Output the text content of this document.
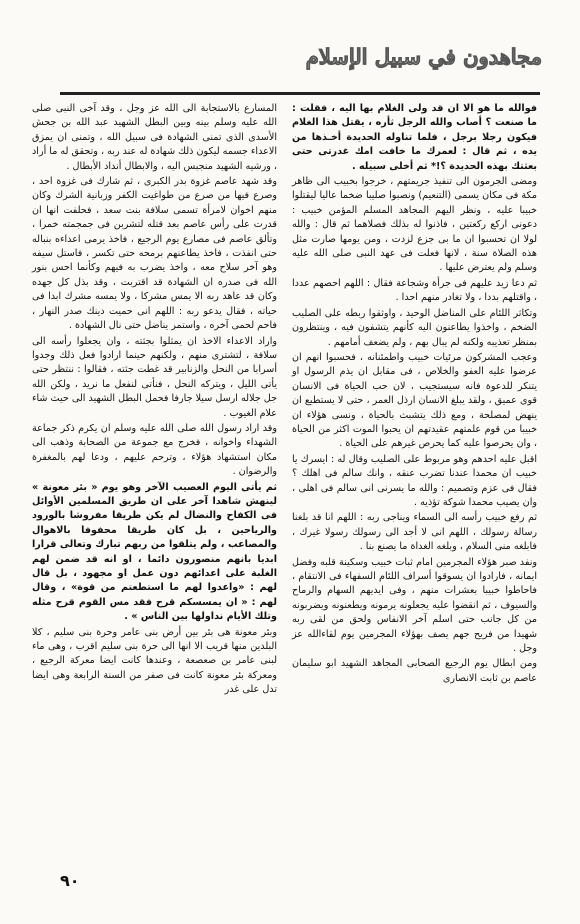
مجاهدون في سبيل الإسلام

فوالله ما هو الا ان قد ولى الغلام بها اليه ، فقلت : ما صنعت ؟ أصاب والله الرجل ثأره ، يقتل هذا الغلام فيكون رجلا برجل ، فلما تناوله الحديدة أخـذها من يده ، ثم قال : لعمرك ما خافت امك غدرتى حتى بعثتك بهذه الحديدة ؟!* ثم أخلى سبيله .

ومضى الجرمون الى تنفيذ جريمتهم ، خرجوا بخبيب الى ظاهر مكة فى مكان يسمى (التنعيم) ونصبوا صليبا ضخما عاليا ليقتلوا خبيبا عليه ، ونظر اليهم المجاهد المسلم المؤمن خبيب : دعونى اركع ركعتين ، فاذنوا له بذلك فصلاهما ثم قال : والله لولا ان تحسبوا ان ما بى جزع لزدت ، ومن يومها صارت مثل هذه الصلاة سنة ، لانها فعلت فى عهد النبى صلى الله عليه وسلم ولم يعترض عليها .

ثم دعا زيد عليهم فى جرأة وشجاعة فقال : اللهم احصهم عددا ، واقتلهم بددا ، ولا تغادر منهم احدا .

وتكاثر اللئام على المناضل الوحيد ، واوثقوا ربطه على الصليب الضخم ، واخذوا يطاعنون اليه كأنهم يتشفون فيه ، وينتظرون بمنظر تعذيبه ولكنه لم يبال بهم ، ولم يضعف أمامهم .

وعجب المشركون مرئيات خبيب واطمئنانه ، فحسبوا انهم ان عرضوا عليه العفو والخلاص ، فى مقابل ان يذم الرسول او يتنكر للدعوة فانه سيستجيب ، لان حب الحياة فى الانسان قوى عميق ، ولقد يبلغ الانسان ارذل العمر ، حتى لا يستطيع ان ينهض لمصلحة ، ومع ذلك يتشبث بالحياة ، ونسى هؤلاء ان خبيبا من قوم علمتهم عقيدتهم ان يحبوا الموت اكثر من الحياة ، وان يحرصوا عليه كما يحرص غيرهم على الحياة .

اقبل عليه احدهم وهو مربوط على الصليب وقال له : ايسرك يا خبيب ان محمدا عندنا تضرب عنقه ، وانك سالم فى اهلك ؟ فقال فى عزم وتصميم : والله ما يسرنى انى سالم فى اهلى ، وان يصيب محمدا شوكة تؤذيه .

ثم رفع خبيب رأسه الى السماء ويناجى ربه : اللهم انا قد بلغنا رسالة رسولك ، اللهم انى لا أجد الى رسولك رسولا غيرك ، فابلغه منى السلام ، وبلغه الغداة ما يصنع بنا .

ونفد صبر هؤلاء المجرمين امام ثبات خبيب وسكينة قلبه وفضل ايمانه ، فارادوا ان يسوقوا أسراف اللئام السفهاء فى الانتقام ، فاحاطوا خبيبا بعشرات منهم ، وفى ايديهم السهام والرماح والسيوف ، ثم انقضوا عليه يجعلونه يرمونه ويطعنونه ويضربونه من كل جانب حتى اسلم آخر الانفاس ولحق من لقى ربه شهيدا من فريح جهم يصف بهؤلاء المجرمين يوم لقاءالله عز وجل .

ومن ابطال يوم الرجيع الصحابى المجاهد الشهيد ابو سليمان عاصم بن ثابت الانصارى

المسارع بالاستجابة الى الله عز وجل ، وقد آخى النبى صلى الله عليه وسلم بينه وبين البطل الشهيد عبد الله بن جحش الأسدى الذى تمنى الشهادة فى سبيل الله ، وتمنى ان يمزق الاعداء جسمه ليكون ذلك شهادة له عند ربه ، وتحقق له ما أراد ، ورشيه الشهيد منجبس اليه ، والابطال أنداد الأبطال .

وقد شهد عاصم غزوة بدر الكبرى ، ثم شارك فى غزوة احد ، وصرع فيها من صرع من طواغيت الكفر وزبانية الشرك وكان منهم اخوان لامرأة تسمى سلافة بنت سعد ، فحلفت انها ان قدرت على رأس عاصم بعد قتله لتشربن فى جمجمته خمرا ، وتألق عاصم فى مصارع يوم الرجيع ، فاخذ يرمى اعداءه بنباله حتى انفذت ، فاخذ يطاعنهم برمحه حتى تكسر ، فاستل سيفه وهو آخر سلاح معه ، واخذ يضرب به فيهم وكأنما احس بنور الله فى صدره ان الشهادة قد اقتربت ، وقد بذل كل جهده وكان قد عاهد ربه الا يمس مشركا ، ولا يمسه مشرك ابدا فى حياته ، فقال يدعو ربه : اللهم انى حميت دينك صدر النهار ، فاحم لحمى آخره ، واستمر يناضل حتى نال الشهادة .

واراد الاعداء الاخذ ان يمثلوا بجثته ، وان يجعلوا رأسه الى سلافة ، لتشترى منهم ، ولكنهم حينما ارادوا فعل ذلك وجدوا أسرابا من النحل والزنابير قد غطت جثته ، فقالوا : ننتظر حتى يأتى الليل ، ويتركه النحل ، فنأتى لنفعل ما نريد ، ولكن الله جل جلاله ارسل سيلا جارفا فحمل البطل الشهيد الى حيث شاء علام الغيوب .

وقد اراد رسول الله صلى الله عليه وسلم ان يكرم ذكر جماعة الشهداء واخوانه ، فخرج مع جموعة من الصحابة وذهب الى مكان استشهاد هؤلاء ، وترحم عليهم ، ودعا لهم بالمغفرة والرضوان .

ثم يأتى اليوم العصيب الآخر وهو يوم « بئر معونة » لينهش شاهدا آخر على ان طريق المسلمين الأوائل فى الكفاح والنضال لم يكن طريقا مفروشا بالورود والرياحين ، بل كان طريقا محفوفا بالاهوال والمصاعب ، ولم يتلقوا من ربهم تبارك وتعالى قرارا ابديا بانهم منصورون دائما ، او انه قد ضمن لهم الغلبة على اعدائهم دون عمل او مجهود ، بل قال لهم : «واعدوا لهم ما استطعتم من قوة» ، وقال لهم : « ان يمسسكم قرح فقد مس القوم قرح مثله وتلك الأيام نداولها بين الناس » .

وبئر معونة هى بئر بين أرض بنى عامر وحرة بنى سليم ، كلا البلدين منها قريب الا انها الى حرة بنى سليم اقرب ، وهى ماء لبنى عامر بن صعصعة ، وعندها كانت ايضا معركة الرجيع ، ومعركة بئر معونة كانت فى صفر من السنة الرابعة وهى ايضا تدل على غدر

٩٠
